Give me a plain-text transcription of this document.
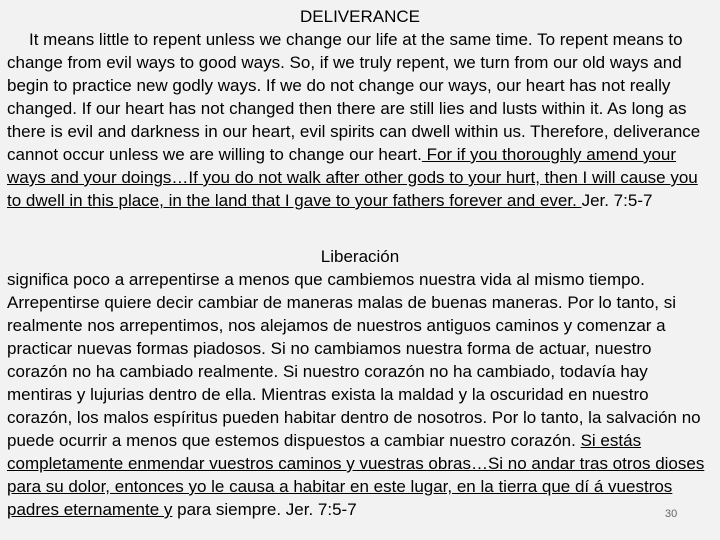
DELIVERANCE
It means little to repent unless we change our life at the same time. To repent means to change from evil ways to good ways. So, if we truly repent, we turn from our old ways and begin to practice new godly ways. If we do not change our ways, our heart has not really changed. If our heart has not changed then there are still lies and lusts within it. As long as there is evil and darkness in our heart, evil spirits can dwell within us. Therefore, deliverance cannot occur unless we are willing to change our heart. For if you thoroughly amend your ways and your doings…If you do not walk after other gods to your hurt, then I will cause you to dwell in this place, in the land that I gave to your fathers forever and ever. Jer. 7:5-7
Liberación
significa poco a arrepentirse a menos que cambiemos nuestra vida al mismo tiempo. Arrepentirse quiere decir cambiar de maneras malas de buenas maneras. Por lo tanto, si realmente nos arrepentimos, nos alejamos de nuestros antiguos caminos y comenzar a practicar nuevas formas piadosos. Si no cambiamos nuestra forma de actuar, nuestro corazón no ha cambiado realmente. Si nuestro corazón no ha cambiado, todavía hay mentiras y lujurias dentro de ella. Mientras exista la maldad y la oscuridad en nuestro corazón, los malos espíritus pueden habitar dentro de nosotros. Por lo tanto, la salvación no puede ocurrir a menos que estemos dispuestos a cambiar nuestro corazón. Si estás completamente enmendar vuestros caminos y vuestras obras…Si no andar tras otros dioses para su dolor, entonces yo le causa a habitar en este lugar, en la tierra que dí á vuestros padres eternamente y para siempre. Jer. 7:5-7	30
